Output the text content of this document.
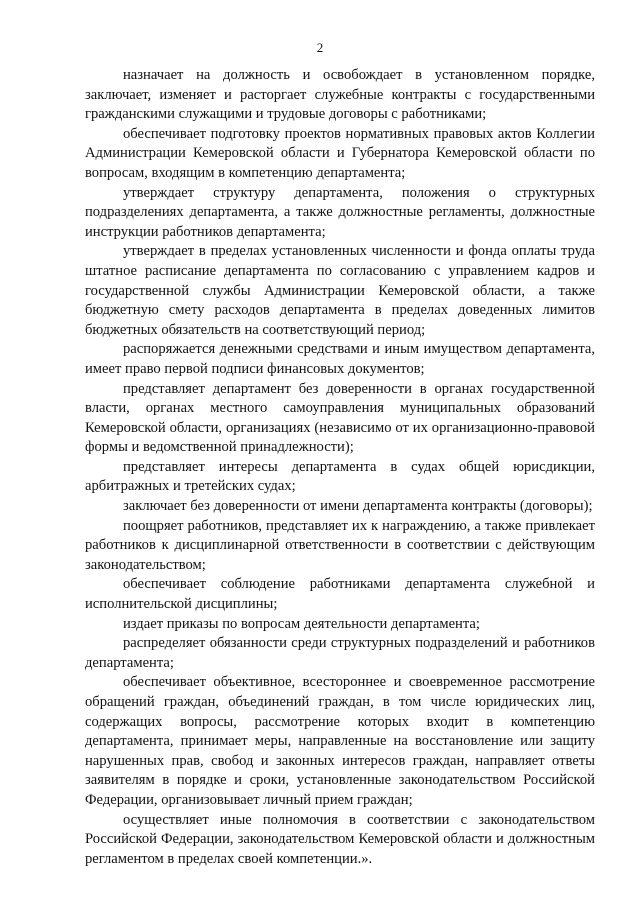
2

назначает на должность и освобождает в установленном порядке, заключает, изменяет и расторгает служебные контракты с государственными гражданскими служащими и трудовые договоры с работниками;

обеспечивает подготовку проектов нормативных правовых актов Коллегии Администрации Кемеровской области и Губернатора Кемеровской области по вопросам, входящим в компетенцию департамента;

утверждает структуру департамента, положения о структурных подразделениях департамента, а также должностные регламенты, должностные инструкции работников департамента;

утверждает в пределах установленных численности и фонда оплаты труда штатное расписание департамента по согласованию с управлением кадров и государственной службы Администрации Кемеровской области, а также бюджетную смету расходов департамента в пределах доведенных лимитов бюджетных обязательств на соответствующий период;

распоряжается денежными средствами и иным имуществом департамента, имеет право первой подписи финансовых документов;

представляет департамент без доверенности в органах государственной власти, органах местного самоуправления муниципальных образований Кемеровской области, организациях (независимо от их организационно-правовой формы и ведомственной принадлежности);

представляет интересы департамента в судах общей юрисдикции, арбитражных и третейских судах;

заключает без доверенности от имени департамента контракты (договоры);

поощряет работников, представляет их к награждению, а также привлекает работников к дисциплинарной ответственности в соответствии с действующим законодательством;

обеспечивает соблюдение работниками департамента служебной и исполнительской дисциплины;

издает приказы по вопросам деятельности департамента;

распределяет обязанности среди структурных подразделений и работников департамента;

обеспечивает объективное, всестороннее и своевременное рассмотрение обращений граждан, объединений граждан, в том числе юридических лиц, содержащих вопросы, рассмотрение которых входит в компетенцию департамента, принимает меры, направленные на восстановление или защиту нарушенных прав, свобод и законных интересов граждан, направляет ответы заявителям в порядке и сроки, установленные законодательством Российской Федерации, организовывает личный прием граждан;

осуществляет иные полномочия в соответствии с законодательством Российской Федерации, законодательством Кемеровской области и должностным регламентом в пределах своей компетенции.».
